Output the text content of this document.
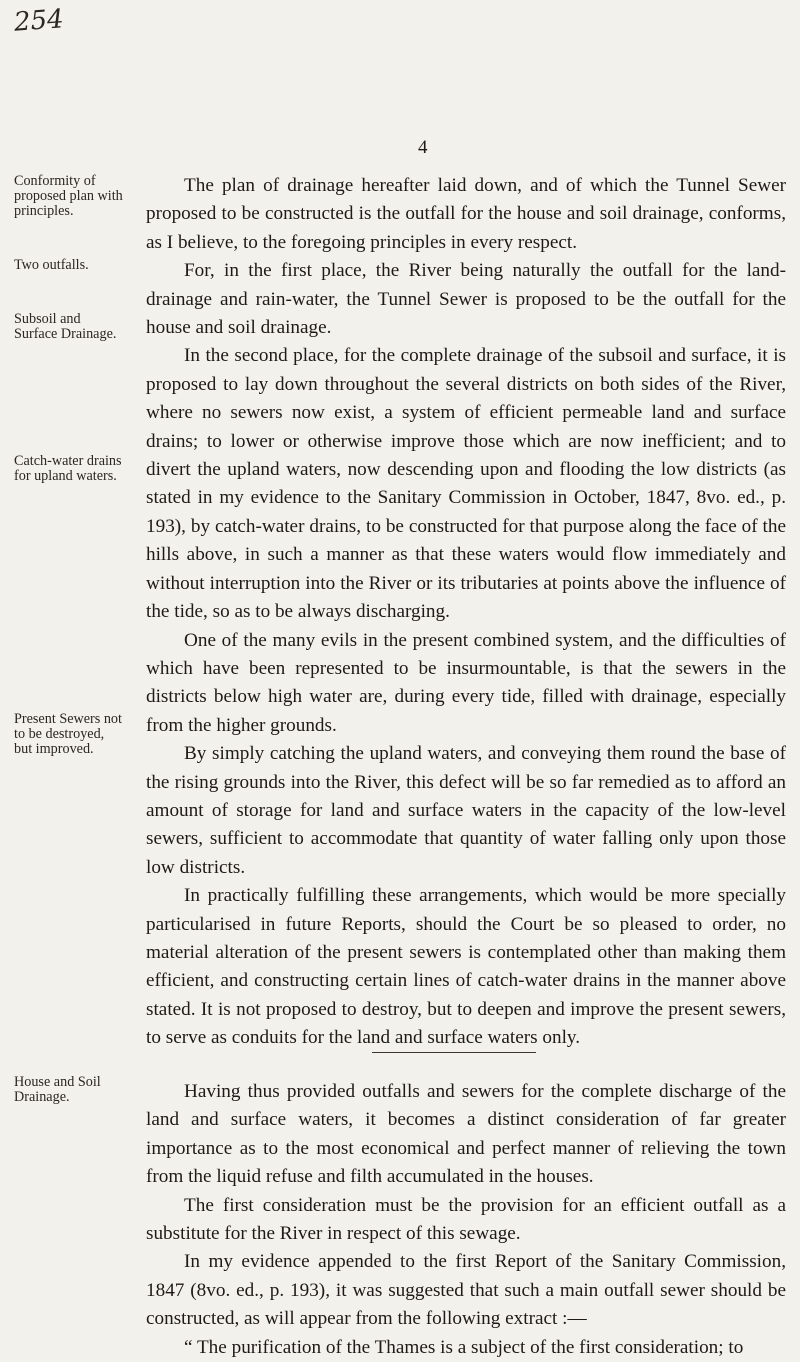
254
4
Conformity of proposed plan with principles.
Two outfalls.
Subsoil and Surface Drainage.
Catch-water drains for upland waters.
Present Sewers not to be destroyed, but improved.
House and Soil Drainage.

The plan of drainage hereafter laid down, and of which the Tunnel Sewer proposed to be constructed is the outfall for the house and soil drainage, conforms, as I believe, to the foregoing principles in every respect.

For, in the first place, the River being naturally the outfall for the land-drainage and rain-water, the Tunnel Sewer is proposed to be the outfall for the house and soil drainage.

In the second place, for the complete drainage of the subsoil and surface, it is proposed to lay down throughout the several districts on both sides of the River, where no sewers now exist, a system of efficient permeable land and surface drains; to lower or otherwise improve those which are now inefficient; and to divert the upland waters, now descending upon and flooding the low districts (as stated in my evidence to the Sanitary Commission in October, 1847, 8vo. ed., p. 193), by catch-water drains, to be constructed for that purpose along the face of the hills above, in such a manner as that these waters would flow immediately and without interruption into the River or its tributaries at points above the influence of the tide, so as to be always discharging.

One of the many evils in the present combined system, and the difficulties of which have been represented to be insurmountable, is that the sewers in the districts below high water are, during every tide, filled with drainage, especially from the higher grounds.

By simply catching the upland waters, and conveying them round the base of the rising grounds into the River, this defect will be so far remedied as to afford an amount of storage for land and surface waters in the capacity of the low-level sewers, sufficient to accommodate that quantity of water falling only upon those low districts.

In practically fulfilling these arrangements, which would be more specially particularised in future Reports, should the Court be so pleased to order, no material alteration of the present sewers is contemplated other than making them efficient, and constructing certain lines of catch-water drains in the manner above stated. It is not proposed to destroy, but to deepen and improve the present sewers, to serve as conduits for the land and surface waters only.

Having thus provided outfalls and sewers for the complete discharge of the land and surface waters, it becomes a distinct consideration of far greater importance as to the most economical and perfect manner of relieving the town from the liquid refuse and filth accumulated in the houses.

The first consideration must be the provision for an efficient outfall as a substitute for the River in respect of this sewage.

In my evidence appended to the first Report of the Sanitary Commission, 1847 (8vo. ed., p. 193), it was suggested that such a main outfall sewer should be constructed, as will appear from the following extract :—

“ The purification of the Thames is a subject of the first consideration; to
